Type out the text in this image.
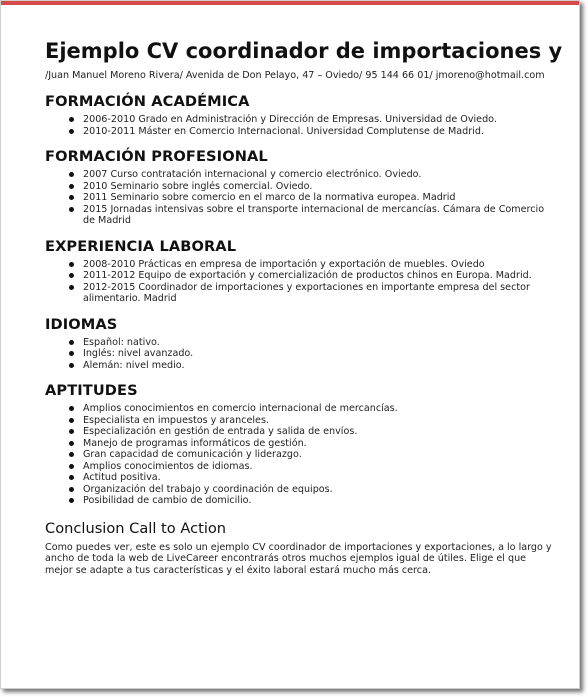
Ejemplo CV coordinador de importaciones y
/Juan Manuel Moreno Rivera/ Avenida de Don Pelayo, 47 – Oviedo/ 95 144 66 01/ jmoreno@hotmail.com
FORMACIÓN ACADÉMICA
2006-2010 Grado en Administración y Dirección de Empresas. Universidad de Oviedo.
2010-2011 Máster en Comercio Internacional. Universidad Complutense de Madrid.
FORMACIÓN PROFESIONAL
2007 Curso contratación internacional y comercio electrónico. Oviedo.
2010 Seminario sobre inglés comercial. Oviedo.
2011 Seminario sobre comercio en el marco de la normativa europea. Madrid
2015 Jornadas intensivas sobre el transporte internacional de mercancías. Cámara de Comercio de Madrid
EXPERIENCIA LABORAL
2008-2010 Prácticas en empresa de importación y exportación de muebles. Oviedo
2011-2012 Equipo de exportación y comercialización de productos chinos en Europa. Madrid.
2012-2015 Coordinador de importaciones y exportaciones en importante empresa del sector alimentario. Madrid
IDIOMAS
Español: nativo.
Inglés: nivel avanzado.
Alemán: nivel medio.
APTITUDES
Amplios conocimientos en comercio internacional de mercancías.
Especialista en impuestos y aranceles.
Especialización en gestión de entrada y salida de envíos.
Manejo de programas informáticos de gestión.
Gran capacidad de comunicación y liderazgo.
Amplios conocimientos de idiomas.
Actitud positiva.
Organización del trabajo y coordinación de equipos.
Posibilidad de cambio de domicilio.
Conclusion Call to Action

Como puedes ver, este es solo un ejemplo CV coordinador de importaciones y exportaciones, a lo largo y ancho de toda la web de LiveCareer encontrarás otros muchos ejemplos igual de útiles. Elige el que mejor se adapte a tus características y el éxito laboral estará mucho más cerca.
